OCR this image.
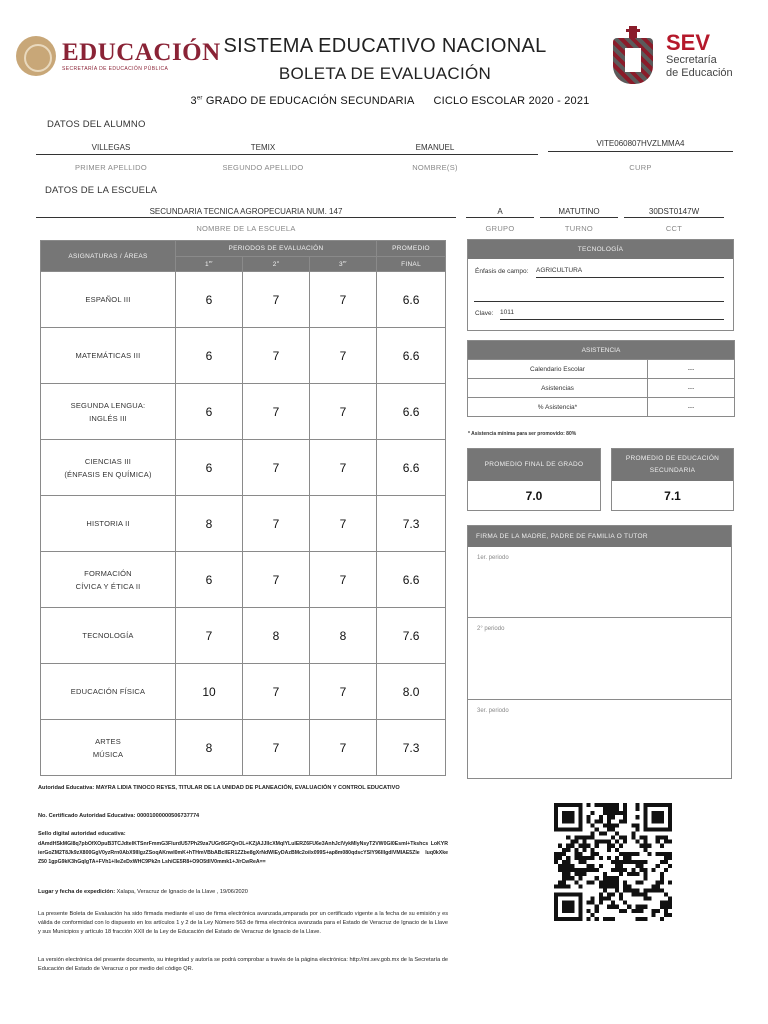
EDUCACIÓN
SECRETARÍA DE EDUCACIÓN PÚBLICA
SISTEMA EDUCATIVO NACIONAL
BOLETA DE EVALUACIÓN
SEV
Secretaría
de Educación
3er GRADO DE EDUCACIÓN SECUNDARIA CICLO ESCOLAR 2020 - 2021
DATOS DEL ALUMNO
VILLEGAS	TEMIX	EMANUEL	VITE060807HVZLMMA4
PRIMER APELLIDO	SEGUNDO APELLIDO	NOMBRE(S)	CURP
DATOS DE LA ESCUELA
SECUNDARIA TECNICA AGROPECUARIA NUM. 147	A	MATUTINO	30DST0147W
NOMBRE DE LA ESCUELA	GRUPO	TURNO	CCT
ASIGNATURAS / ÁREAS	PERIODOS DE EVALUACIÓN			PROMEDIO
	1er	2$^o$	3er	FINAL

ESPAÑOL III	6	7	7	6.6

MATEMÁTICAS III	6	7	7	6.6

SEGUNDA LENGUA:
INGLÉS III	6	7	7	6.6

CIENCIAS III
(ÉNFASIS EN QUÍMICA)	6	7	7	6.6

HISTORIA II	8	7	7	7.3

FORMACIÓN
CÍVICA Y ÉTICA II	6	7	7	6.6

TECNOLOGÍA	7	8	8	7.6

EDUCACIÓN FÍSICA	10	7	7	8.0

ARTES
MÚSICA	8	7	7	7.3
TECNOLOGÍA
Énfasis de campo: AGRICULTURA
Clave: 1011
ASISTENCIA	
Calendario Escolar	---
Asistencias	---
% Asistencia*	---
* Asistencia mínima para ser promovido: 80%
PROMEDIO FINAL DE GRADO
7.0
PROMEDIO DE EDUCACIÓN SECUNDARIA
7.1
FIRMA DE LA MADRE, PADRE DE FAMILIA O TUTOR
1er. periodo
2° periodo
3er. periodo
Autoridad Educativa: MAYRA LIDIA TINOCO REYES, TITULAR DE LA UNIDAD DE PLANEACIÓN, EVALUACIÓN Y CONTROL EDUCATIVO
No. Certificado Autoridad Educativa: 00001000000506737774
Sello digital autoridad educativa:
dAmdHSkMGl8q7pbOfXOpuB3TCJdtelKTSnrFmmG3FlurdU57Ph29za7UGr8GFQnOL+KZjAJJIlcXMqIYLuIERZ6FU6e3AnhJclVykMIyNsyT2VW0GI0Esml+Tkshcs LoKYRierGoZM2T8Jk9zX800GgV0yzRrn0AbX9lllgzZSoqAKnwI0mK+hTHmVBbABcllER1ZZbe8gXrNdWlEyDAzBMc2oilx099S+ap8m080qdscYSIY96lIlgdIVMIAE5Zle luq0kXke Z50 1gpG9kK3hGqIgTA+FVh1+lleZeDxWHC9Pk2n LshiCE5R8+O9O5tIlV0mmk1+J/rCwReA==
Lugar y fecha de expedición: Xalapa, Veracruz de Ignacio de la Llave , 19/06/2020
La presente Boleta de Evaluación ha sido firmada mediante el uso de firma electrónica avanzada,amparada por un certificado vigente a la fecha de su emisión y es válida de conformidad con lo dispuesto en los artículos 1 y 2 de la Ley Número 563 de firma electrónica avanzada para el Estado de Veracruz de Ignacio de la Llave y sus Municipios y artículo 18 fracción XXII de la Ley de Educación del Estado de Veracruz de Ignacio de la Llave.
La versión electrónica del presente documento, su integridad y autoría se podrá comprobar a través de la página electrónica: http://mi.sev.gob.mx de la Secretaría de Educación del Estado de Veracruz o por medio del código QR.
